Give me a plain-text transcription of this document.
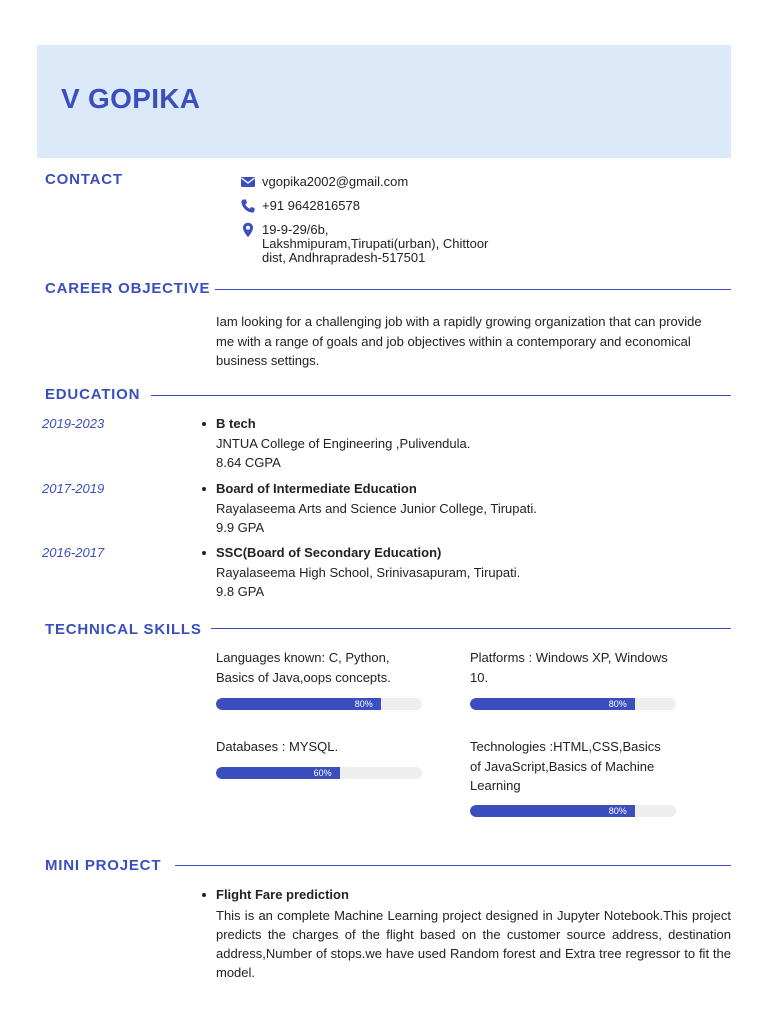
V GOPIKA
CONTACT	vgopika2002@gmail.com
+91 9642816578
19-9-29/6b,
Lakshmipuram,Tirupati(urban), Chittoor
dist, Andhrapradesh-517501
CAREER OBJECTIVE
Iam looking for a challenging job with a rapidly growing organization that can provide
me with a range of goals and job objectives within a contemporary and economical
business settings.
EDUCATION
2019-2023	B tech
JNTUA College of Engineering ,Pulivendula.
8.64 CGPA
2017-2019	Board of Intermediate Education
Rayalaseema Arts and Science Junior College, Tirupati.
9.9 GPA
2016-2017	SSC(Board of Secondary Education)
Rayalaseema High School, Srinivasapuram, Tirupati.
9.8 GPA
TECHNICAL SKILLS
Languages known: C, Python,
Basics of Java,oops concepts.
80%
Platforms : Windows XP, Windows
10.
80%
Databases : MYSQL.
60%
Technologies :HTML,CSS,Basics
of JavaScript,Basics of Machine
Learning
80%
MINI PROJECT
Flight Fare prediction
This is an complete Machine Learning project designed in Jupyter Notebook.This project predicts the charges of the flight based on the customer source address, destination address,Number of stops.we have used Random forest and Extra tree regressor to fit the model.
